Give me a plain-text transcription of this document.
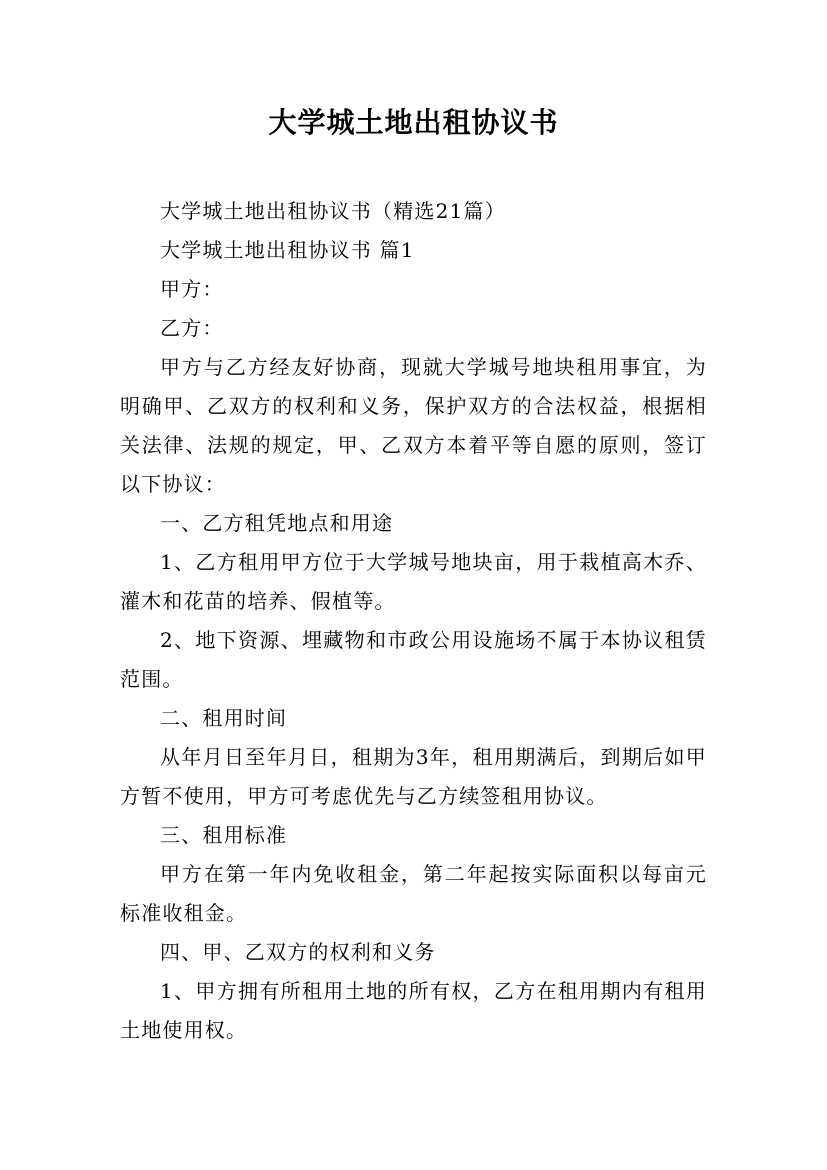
大学城土地出租协议书

大学城土地出租协议书（精选21篇）

大学城土地出租协议书 篇1

甲方：

乙方：

甲方与乙方经友好协商，现就大学城号地块租用事宜，为明确甲、乙双方的权利和义务，保护双方的合法权益，根据相关法律、法规的规定，甲、乙双方本着平等自愿的原则，签订以下协议：

一、乙方租凭地点和用途

1、乙方租用甲方位于大学城号地块亩，用于栽植高木乔、灌木和花苗的培养、假植等。

2、地下资源、埋藏物和市政公用设施场不属于本协议租赁范围。

二、租用时间

从年月日至年月日，租期为3年，租用期满后，到期后如甲方暂不使用，甲方可考虑优先与乙方续签租用协议。

三、租用标准

甲方在第一年内免收租金，第二年起按实际面积以每亩元标准收租金。

四、甲、乙双方的权利和义务

1、甲方拥有所租用土地的所有权，乙方在租用期内有租用土地使用权。
